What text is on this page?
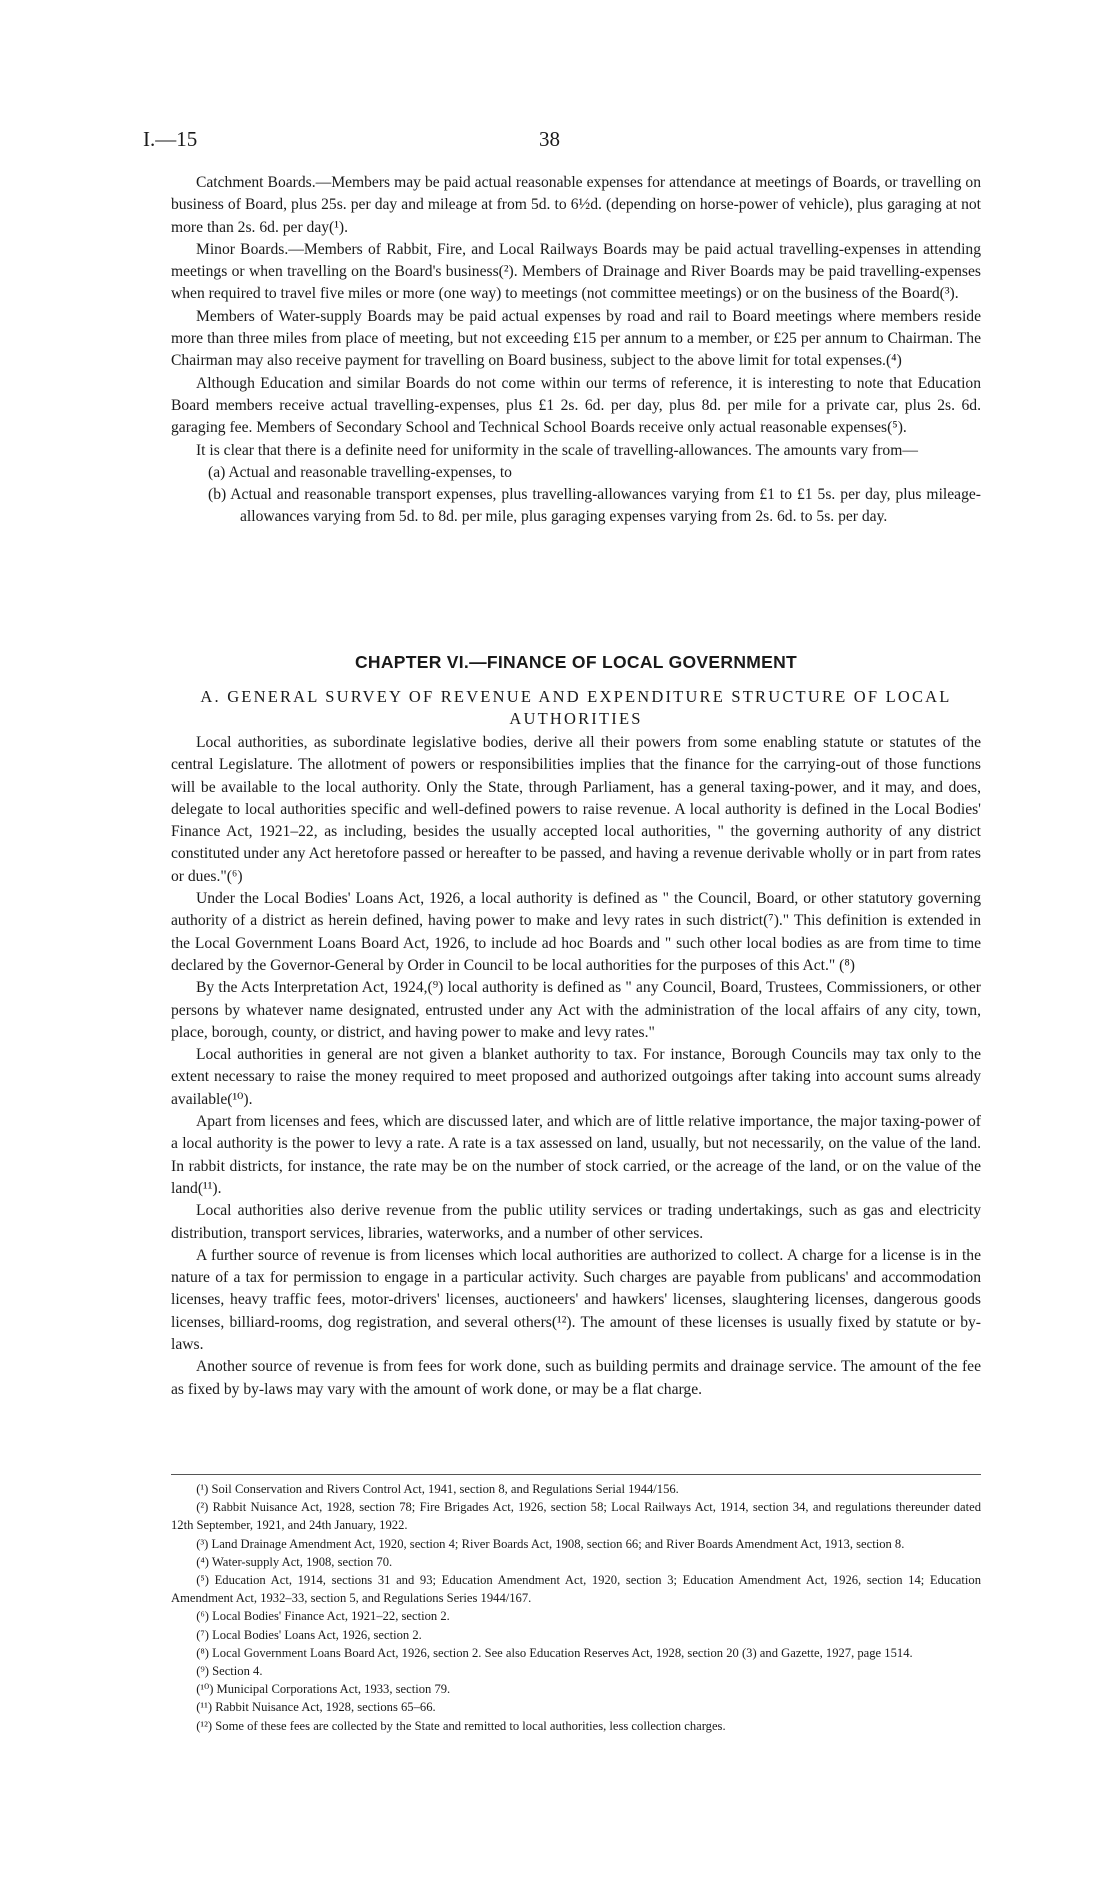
I.—15	38

Catchment Boards.—Members may be paid actual reasonable expenses for attendance at meetings of Boards, or travelling on business of Board, plus 25s. per day and mileage at from 5d. to 6½d. (depending on horse-power of vehicle), plus garaging at not more than 2s. 6d. per day(¹).

Minor Boards.—Members of Rabbit, Fire, and Local Railways Boards may be paid actual travelling-expenses in attending meetings or when travelling on the Board's business(²). Members of Drainage and River Boards may be paid travelling-expenses when required to travel five miles or more (one way) to meetings (not committee meetings) or on the business of the Board(³).

Members of Water-supply Boards may be paid actual expenses by road and rail to Board meetings where members reside more than three miles from place of meeting, but not exceeding £15 per annum to a member, or £25 per annum to Chairman. The Chairman may also receive payment for travelling on Board business, subject to the above limit for total expenses.(⁴)

Although Education and similar Boards do not come within our terms of reference, it is interesting to note that Education Board members receive actual travelling-expenses, plus £1 2s. 6d. per day, plus 8d. per mile for a private car, plus 2s. 6d. garaging fee. Members of Secondary School and Technical School Boards receive only actual reasonable expenses(⁵).

It is clear that there is a definite need for uniformity in the scale of travelling-allowances. The amounts vary from—

(a) Actual and reasonable travelling-expenses, to
(b) Actual and reasonable transport expenses, plus travelling-allowances varying from £1 to £1 5s. per day, plus mileage-allowances varying from 5d. to 8d. per mile, plus garaging expenses varying from 2s. 6d. to 5s. per day.
CHAPTER VI.—FINANCE OF LOCAL GOVERNMENT
A. GENERAL SURVEY OF REVENUE AND EXPENDITURE STRUCTURE OF LOCAL AUTHORITIES

Local authorities, as subordinate legislative bodies, derive all their powers from some enabling statute or statutes of the central Legislature. The allotment of powers or responsibilities implies that the finance for the carrying-out of those functions will be available to the local authority. Only the State, through Parliament, has a general taxing-power, and it may, and does, delegate to local authorities specific and well-defined powers to raise revenue. A local authority is defined in the Local Bodies' Finance Act, 1921–22, as including, besides the usually accepted local authorities, " the governing authority of any district constituted under any Act heretofore passed or hereafter to be passed, and having a revenue derivable wholly or in part from rates or dues."(⁶)

Under the Local Bodies' Loans Act, 1926, a local authority is defined as " the Council, Board, or other statutory governing authority of a district as herein defined, having power to make and levy rates in such district(⁷)." This definition is extended in the Local Government Loans Board Act, 1926, to include ad hoc Boards and " such other local bodies as are from time to time declared by the Governor-General by Order in Council to be local authorities for the purposes of this Act." (⁸)

By the Acts Interpretation Act, 1924,(⁹) local authority is defined as " any Council, Board, Trustees, Commissioners, or other persons by whatever name designated, entrusted under any Act with the administration of the local affairs of any city, town, place, borough, county, or district, and having power to make and levy rates."

Local authorities in general are not given a blanket authority to tax. For instance, Borough Councils may tax only to the extent necessary to raise the money required to meet proposed and authorized outgoings after taking into account sums already available(¹⁰).

Apart from licenses and fees, which are discussed later, and which are of little relative importance, the major taxing-power of a local authority is the power to levy a rate. A rate is a tax assessed on land, usually, but not necessarily, on the value of the land. In rabbit districts, for instance, the rate may be on the number of stock carried, or the acreage of the land, or on the value of the land(¹¹).

Local authorities also derive revenue from the public utility services or trading undertakings, such as gas and electricity distribution, transport services, libraries, waterworks, and a number of other services.

A further source of revenue is from licenses which local authorities are authorized to collect. A charge for a license is in the nature of a tax for permission to engage in a particular activity. Such charges are payable from publicans' and accommodation licenses, heavy traffic fees, motor-drivers' licenses, auctioneers' and hawkers' licenses, slaughtering licenses, dangerous goods licenses, billiard-rooms, dog registration, and several others(¹²). The amount of these licenses is usually fixed by statute or by-laws.

Another source of revenue is from fees for work done, such as building permits and drainage service. The amount of the fee as fixed by by-laws may vary with the amount of work done, or may be a flat charge.

(¹) Soil Conservation and Rivers Control Act, 1941, section 8, and Regulations Serial 1944/156.

(²) Rabbit Nuisance Act, 1928, section 78; Fire Brigades Act, 1926, section 58; Local Railways Act, 1914, section 34, and regulations thereunder dated 12th September, 1921, and 24th January, 1922.

(³) Land Drainage Amendment Act, 1920, section 4; River Boards Act, 1908, section 66; and River Boards Amendment Act, 1913, section 8.

(⁴) Water-supply Act, 1908, section 70.

(⁵) Education Act, 1914, sections 31 and 93; Education Amendment Act, 1920, section 3; Education Amendment Act, 1926, section 14; Education Amendment Act, 1932–33, section 5, and Regulations Series 1944/167.

(⁶) Local Bodies' Finance Act, 1921–22, section 2.

(⁷) Local Bodies' Loans Act, 1926, section 2.

(⁸) Local Government Loans Board Act, 1926, section 2. See also Education Reserves Act, 1928, section 20 (3) and Gazette, 1927, page 1514.

(⁹) Section 4.

(¹⁰) Municipal Corporations Act, 1933, section 79.

(¹¹) Rabbit Nuisance Act, 1928, sections 65–66.

(¹²) Some of these fees are collected by the State and remitted to local authorities, less collection charges.
